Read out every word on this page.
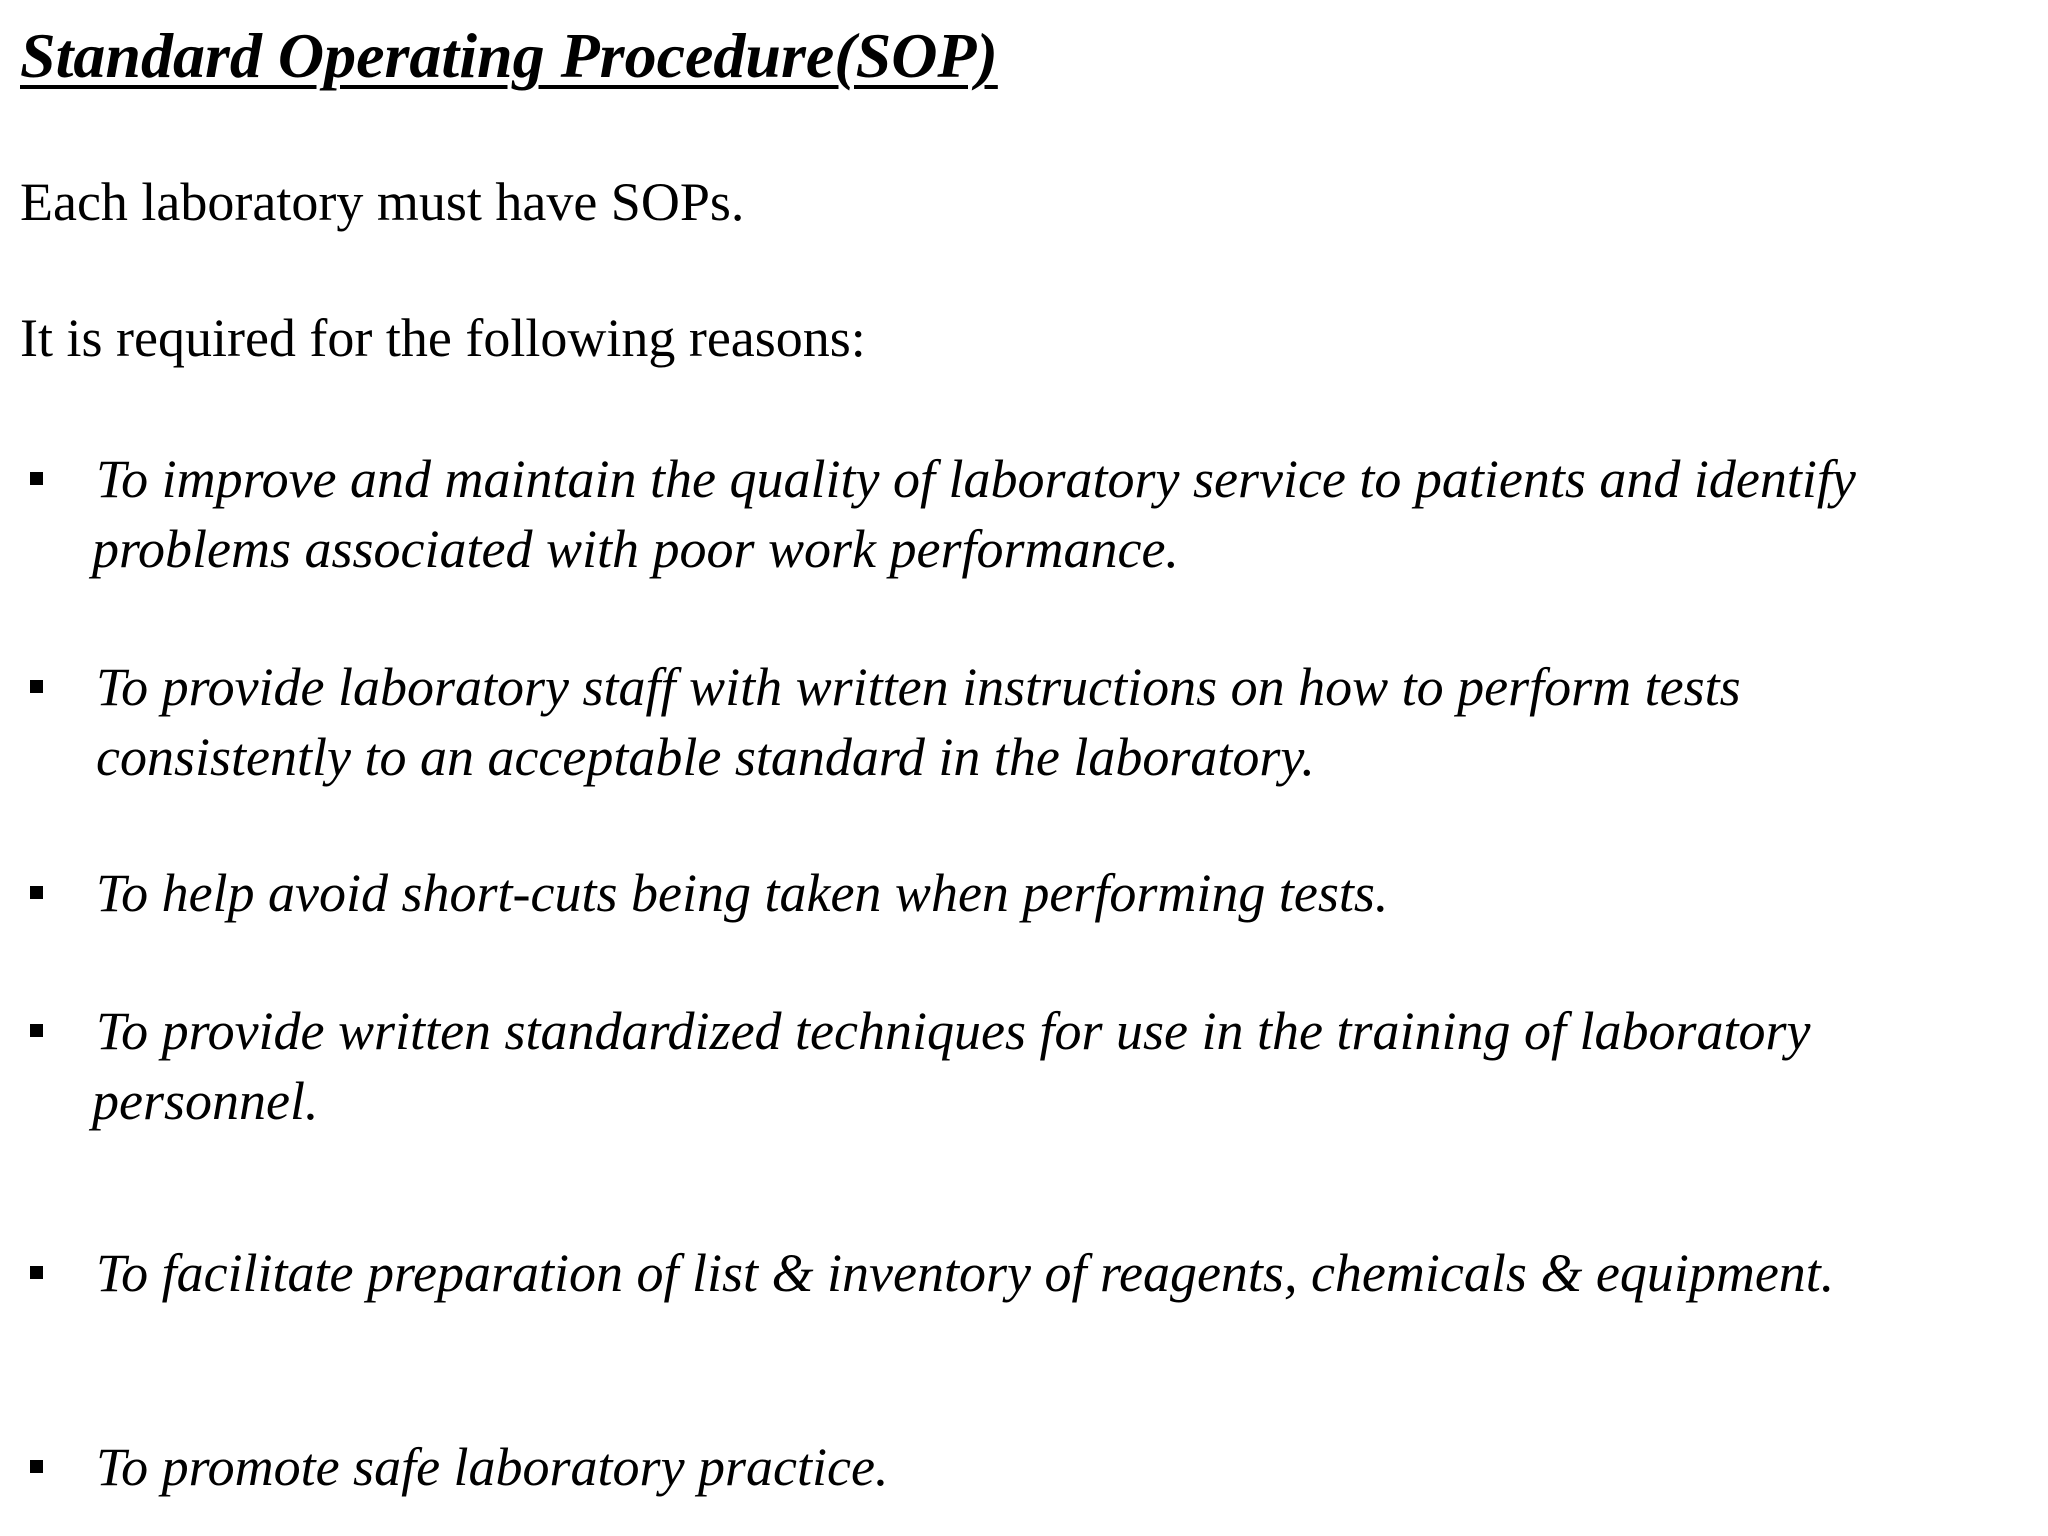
Standard Operating Procedure(SOP)
Each laboratory must have SOPs.
It is required for the following reasons:
To improve and maintain the quality of laboratory service to patients and identify
problems associated with poor work performance.
To provide laboratory staff with written instructions on how to perform tests
consistently to an acceptable standard in the laboratory.
To help avoid short-cuts being taken when performing tests.
To provide written standardized techniques for use in the training of laboratory
personnel.
To facilitate preparation of list & inventory of reagents, chemicals & equipment.
To promote safe laboratory practice.
